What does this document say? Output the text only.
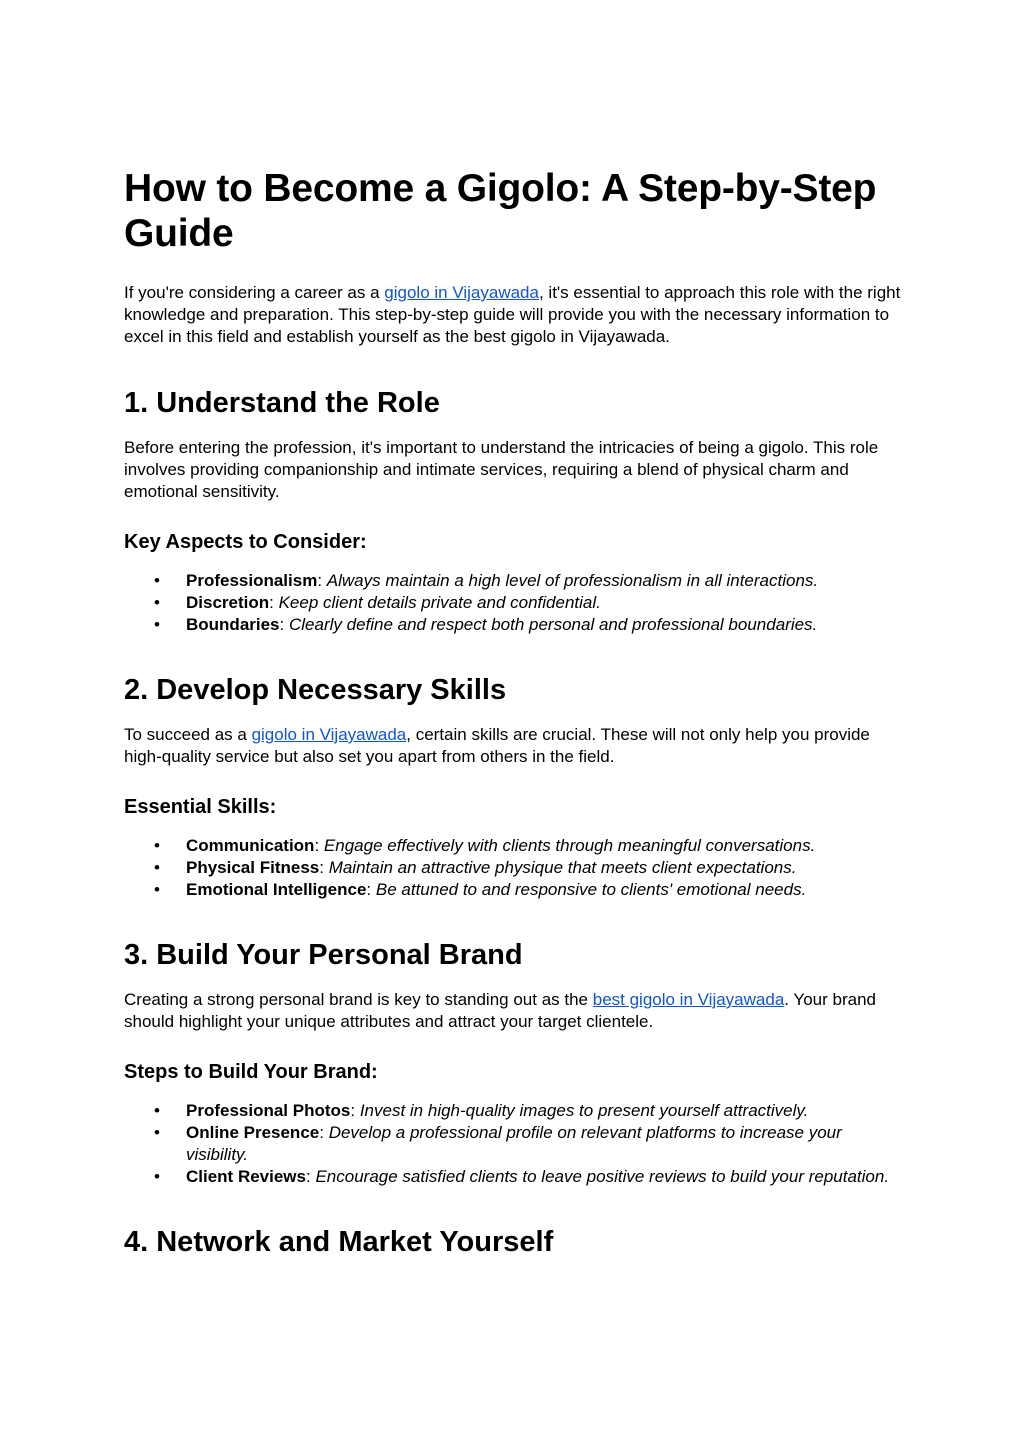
How to Become a Gigolo: A Step-by-Step Guide

If you're considering a career as a gigolo in Vijayawada, it's essential to approach this role with the right knowledge and preparation. This step-by-step guide will provide you with the necessary information to excel in this field and establish yourself as the best gigolo in Vijayawada.

1. Understand the Role

Before entering the profession, it's important to understand the intricacies of being a gigolo. This role involves providing companionship and intimate services, requiring a blend of physical charm and emotional sensitivity.

Key Aspects to Consider:
• Professionalism: Always maintain a high level of professionalism in all interactions.
• Discretion: Keep client details private and confidential.
• Boundaries: Clearly define and respect both personal and professional boundaries.
2. Develop Necessary Skills

To succeed as a gigolo in Vijayawada, certain skills are crucial. These will not only help you provide high-quality service but also set you apart from others in the field.

Essential Skills:
• Communication: Engage effectively with clients through meaningful conversations.
• Physical Fitness: Maintain an attractive physique that meets client expectations.
• Emotional Intelligence: Be attuned to and responsive to clients' emotional needs.
3. Build Your Personal Brand

Creating a strong personal brand is key to standing out as the best gigolo in Vijayawada. Your brand should highlight your unique attributes and attract your target clientele.

Steps to Build Your Brand:
• Professional Photos: Invest in high-quality images to present yourself attractively.
• Online Presence: Develop a professional profile on relevant platforms to increase your visibility.
• Client Reviews: Encourage satisfied clients to leave positive reviews to build your reputation.
4. Network and Market Yourself
